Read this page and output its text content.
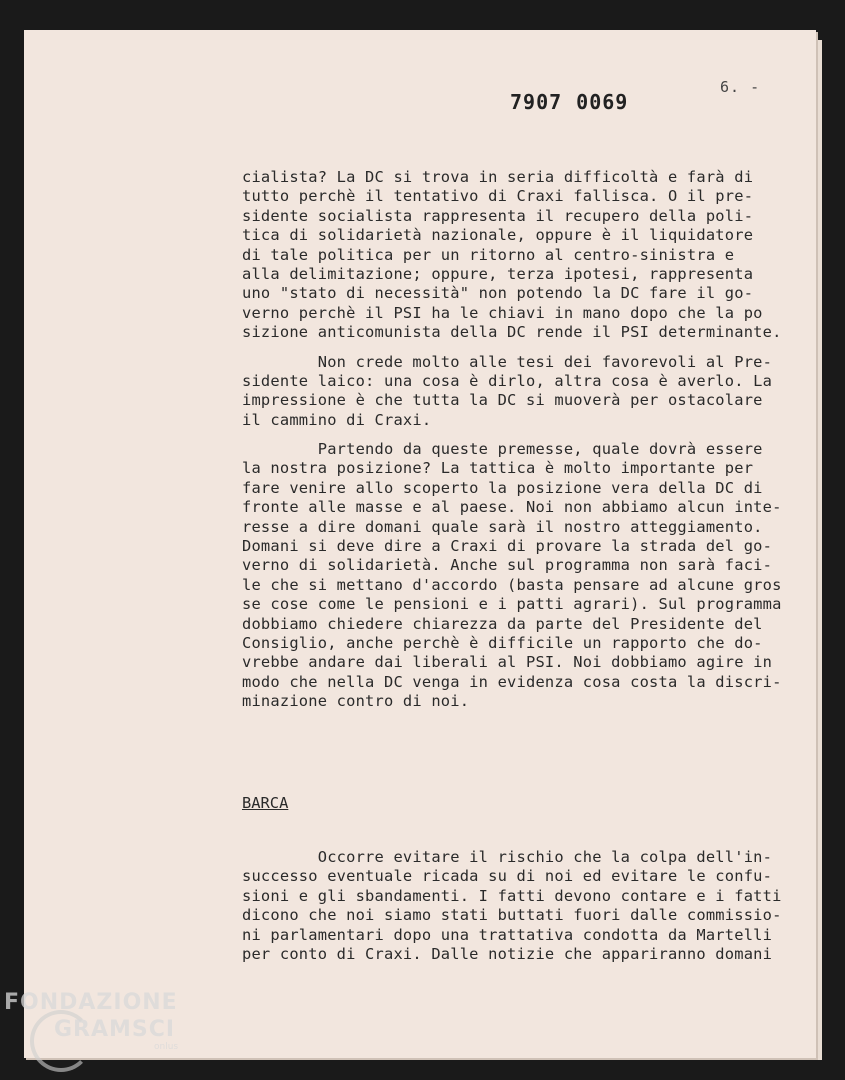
6. -
7907 0069
cialista? La DC si trova in seria difficoltà e farà di
tutto perchè il tentativo di Craxi fallisca. O il pre-
sidente socialista rappresenta il recupero della poli-
tica di solidarietà nazionale, oppure è il liquidatore
di tale politica per un ritorno al centro-sinistra e
alla delimitazione; oppure, terza ipotesi, rappresenta
uno "stato di necessità" non potendo la DC fare il go-
verno perchè il PSI ha le chiavi in mano dopo che la po
sizione anticomunista della DC rende il PSI determinante.
Non crede molto alle tesi dei favorevoli al Pre-
sidente laico: una cosa è dirlo, altra cosa è averlo. La
impressione è che tutta la DC si muoverà per ostacolare
il cammino di Craxi.
Partendo da queste premesse, quale dovrà essere
la nostra posizione? La tattica è molto importante per
fare venire allo scoperto la posizione vera della DC di
fronte alle masse e al paese. Noi non abbiamo alcun inte-
resse a dire domani quale sarà il nostro atteggiamento.
Domani si deve dire a Craxi di provare la strada del go-
verno di solidarietà. Anche sul programma non sarà faci-
le che si mettano d'accordo (basta pensare ad alcune gros
se cose come le pensioni e i patti agrari). Sul programma
dobbiamo chiedere chiarezza da parte del Presidente del
Consiglio, anche perchè è difficile un rapporto che do-
vrebbe andare dai liberali al PSI. Noi dobbiamo agire in
modo che nella DC venga in evidenza cosa costa la discri-
minazione contro di noi.
BARCA
Occorre evitare il rischio che la colpa dell'in-
successo eventuale ricada su di noi ed evitare le confu-
sioni e gli sbandamenti. I fatti devono contare e i fatti
dicono che noi siamo stati buttati fuori dalle commissio-
ni parlamentari dopo una trattativa condotta da Martelli
per conto di Craxi. Dalle notizie che appariranno domani
FONDAZIONE
GRAMSCI
onlus
